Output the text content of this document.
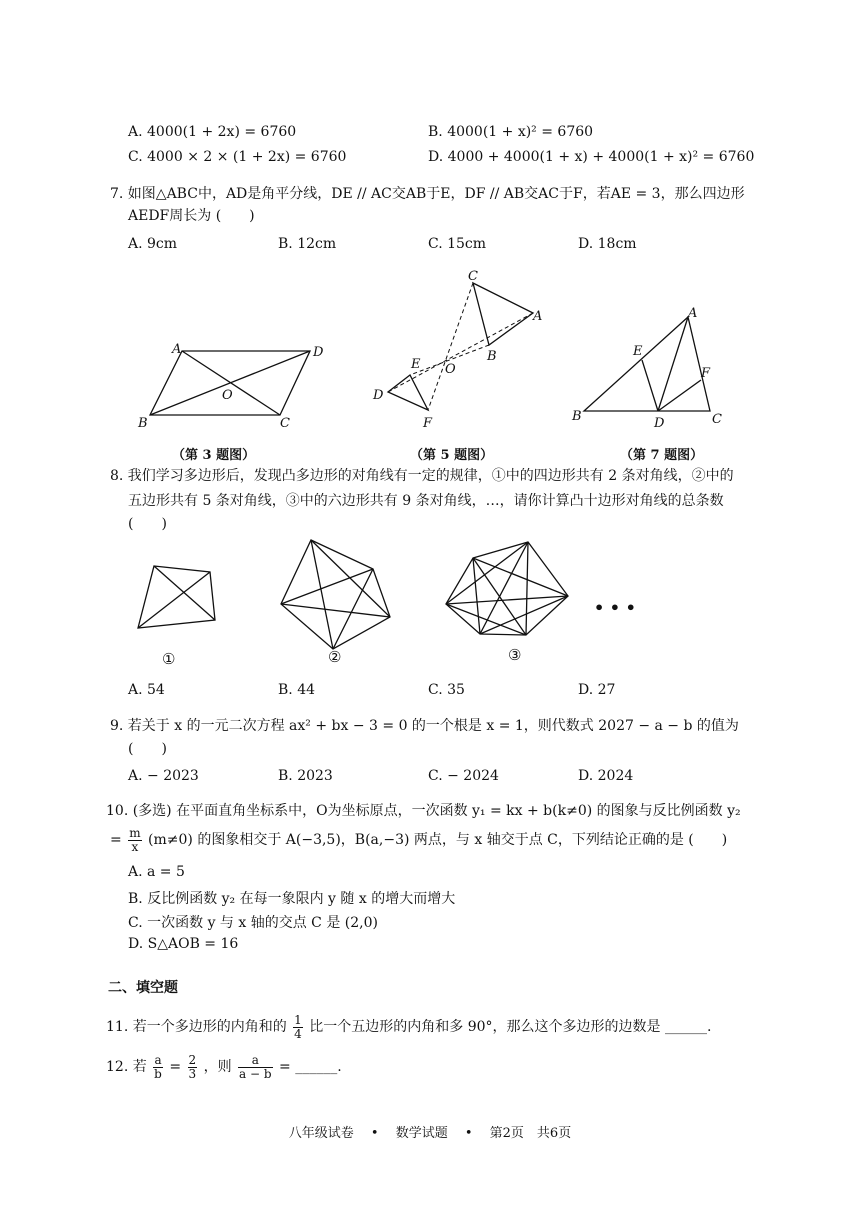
A. 4000(1 + 2x) = 6760	B. 4000(1 + x)² = 6760
C. 4000 × 2 × (1 + 2x) = 6760	D. 4000 + 4000(1 + x) + 4000(1 + x)² = 6760
7. 如图△ABC中，AD是角平分线，DE // AC交AB于E，DF // AB交AC于F，若AE = 3，那么四边形
AEDF周长为 (　　)
A. 9cm	B. 12cm	C. 15cm	D. 18cm
A	D
O
B	C
C
A
B
O
E
D
F
A
E
F
B	D	C
（第 3 题图）	（第 5 题图）	（第 7 题图）
8. 我们学习多边形后，发现凸多边形的对角线有一定的规律，①中的四边形共有 2 条对角线，②中的
五边形共有 5 条对角线，③中的六边形共有 9 条对角线，…，请你计算凸十边形对角线的总条数
(　　)
• • •
①	②	③
A. 54	B. 44	C. 35	D. 27
9. 若关于 x 的一元二次方程 ax² + bx − 3 = 0 的一个根是 x = 1，则代数式 2027 − a − b 的值为
(　　)
A. − 2023	B. 2023	C. − 2024	D. 2024
10. (多选) 在平面直角坐标系中，O为坐标原点，一次函数 y₁ = kx + b(k≠0) 的图象与反比例函数 y₂
= $\frac{m}{x} (m\ne 0)$ 的图象相交于 A(−3,5)，B(a,−3) 两点，与 x 轴交于点 C，下列结论正确的是 (　　)
A. a = 5
B. 反比例函数 y₂ 在每一象限内 y 随 x 的增大而增大
C. 一次函数 y 与 x 轴的交点 C 是 (2,0)
D. S△AOB = 16
二、填空题
11. 若一个多边形的内角和的 $\frac{1}{4}$ 比一个五边形的内角和多 90°，那么这个多边形的边数是 ______.
12. 若 $\frac{a}{b} = \frac{2}{3}$ ，则 $\frac{a}{a - b}$ = ______.
八年级试卷　 •　 数学试题　 •　 第2页　共6页
